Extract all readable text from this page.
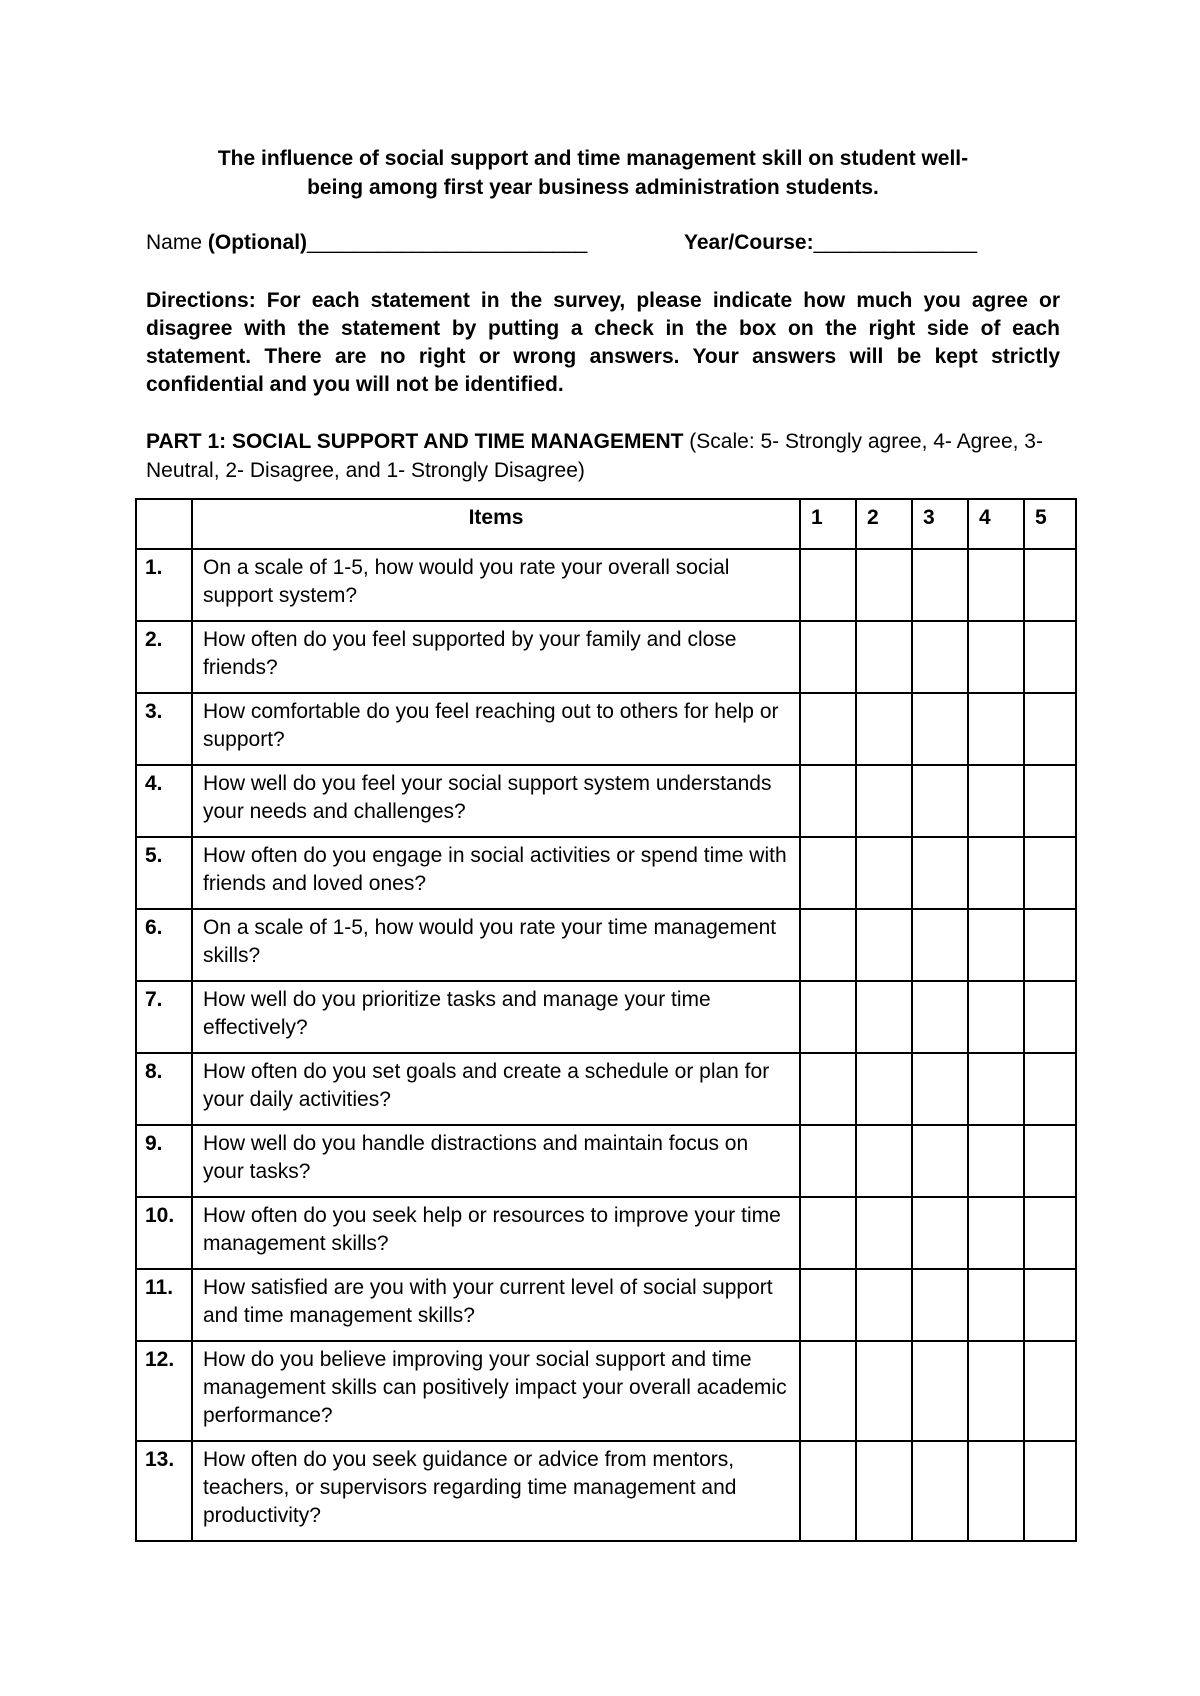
The influence of social support and time management skill on student well-
being among first year business administration students.
Name (Optional)________________________	Year/Course:______________
Directions: For each statement in the survey, please indicate how much you agree or disagree with the statement by putting a check in the box on the right side of each statement. There are no right or wrong answers. Your answers will be kept strictly confidential and you will not be identified.
PART 1: SOCIAL SUPPORT AND TIME MANAGEMENT (Scale: 5- Strongly agree, 4- Agree, 3- Neutral, 2- Disagree, and 1- Strongly Disagree)
	Items	1	2	3	4	5
1.	On a scale of 1-5, how would you rate your overall social support system?					
2.	How often do you feel supported by your family and close friends?					
3.	How comfortable do you feel reaching out to others for help or support?					
4.	How well do you feel your social support system understands your needs and challenges?					
5.	How often do you engage in social activities or spend time with friends and loved ones?					
6.	On a scale of 1-5, how would you rate your time management skills?					
7.	How well do you prioritize tasks and manage your time effectively?					
8.	How often do you set goals and create a schedule or plan for your daily activities?					
9.	How well do you handle distractions and maintain focus on your tasks?					
10.	How often do you seek help or resources to improve your time management skills?					
11.	How satisfied are you with your current level of social support and time management skills?					
12.	How do you believe improving your social support and time management skills can positively impact your overall academic performance?					
13.	How often do you seek guidance or advice from mentors, teachers, or supervisors regarding time management and productivity?					
